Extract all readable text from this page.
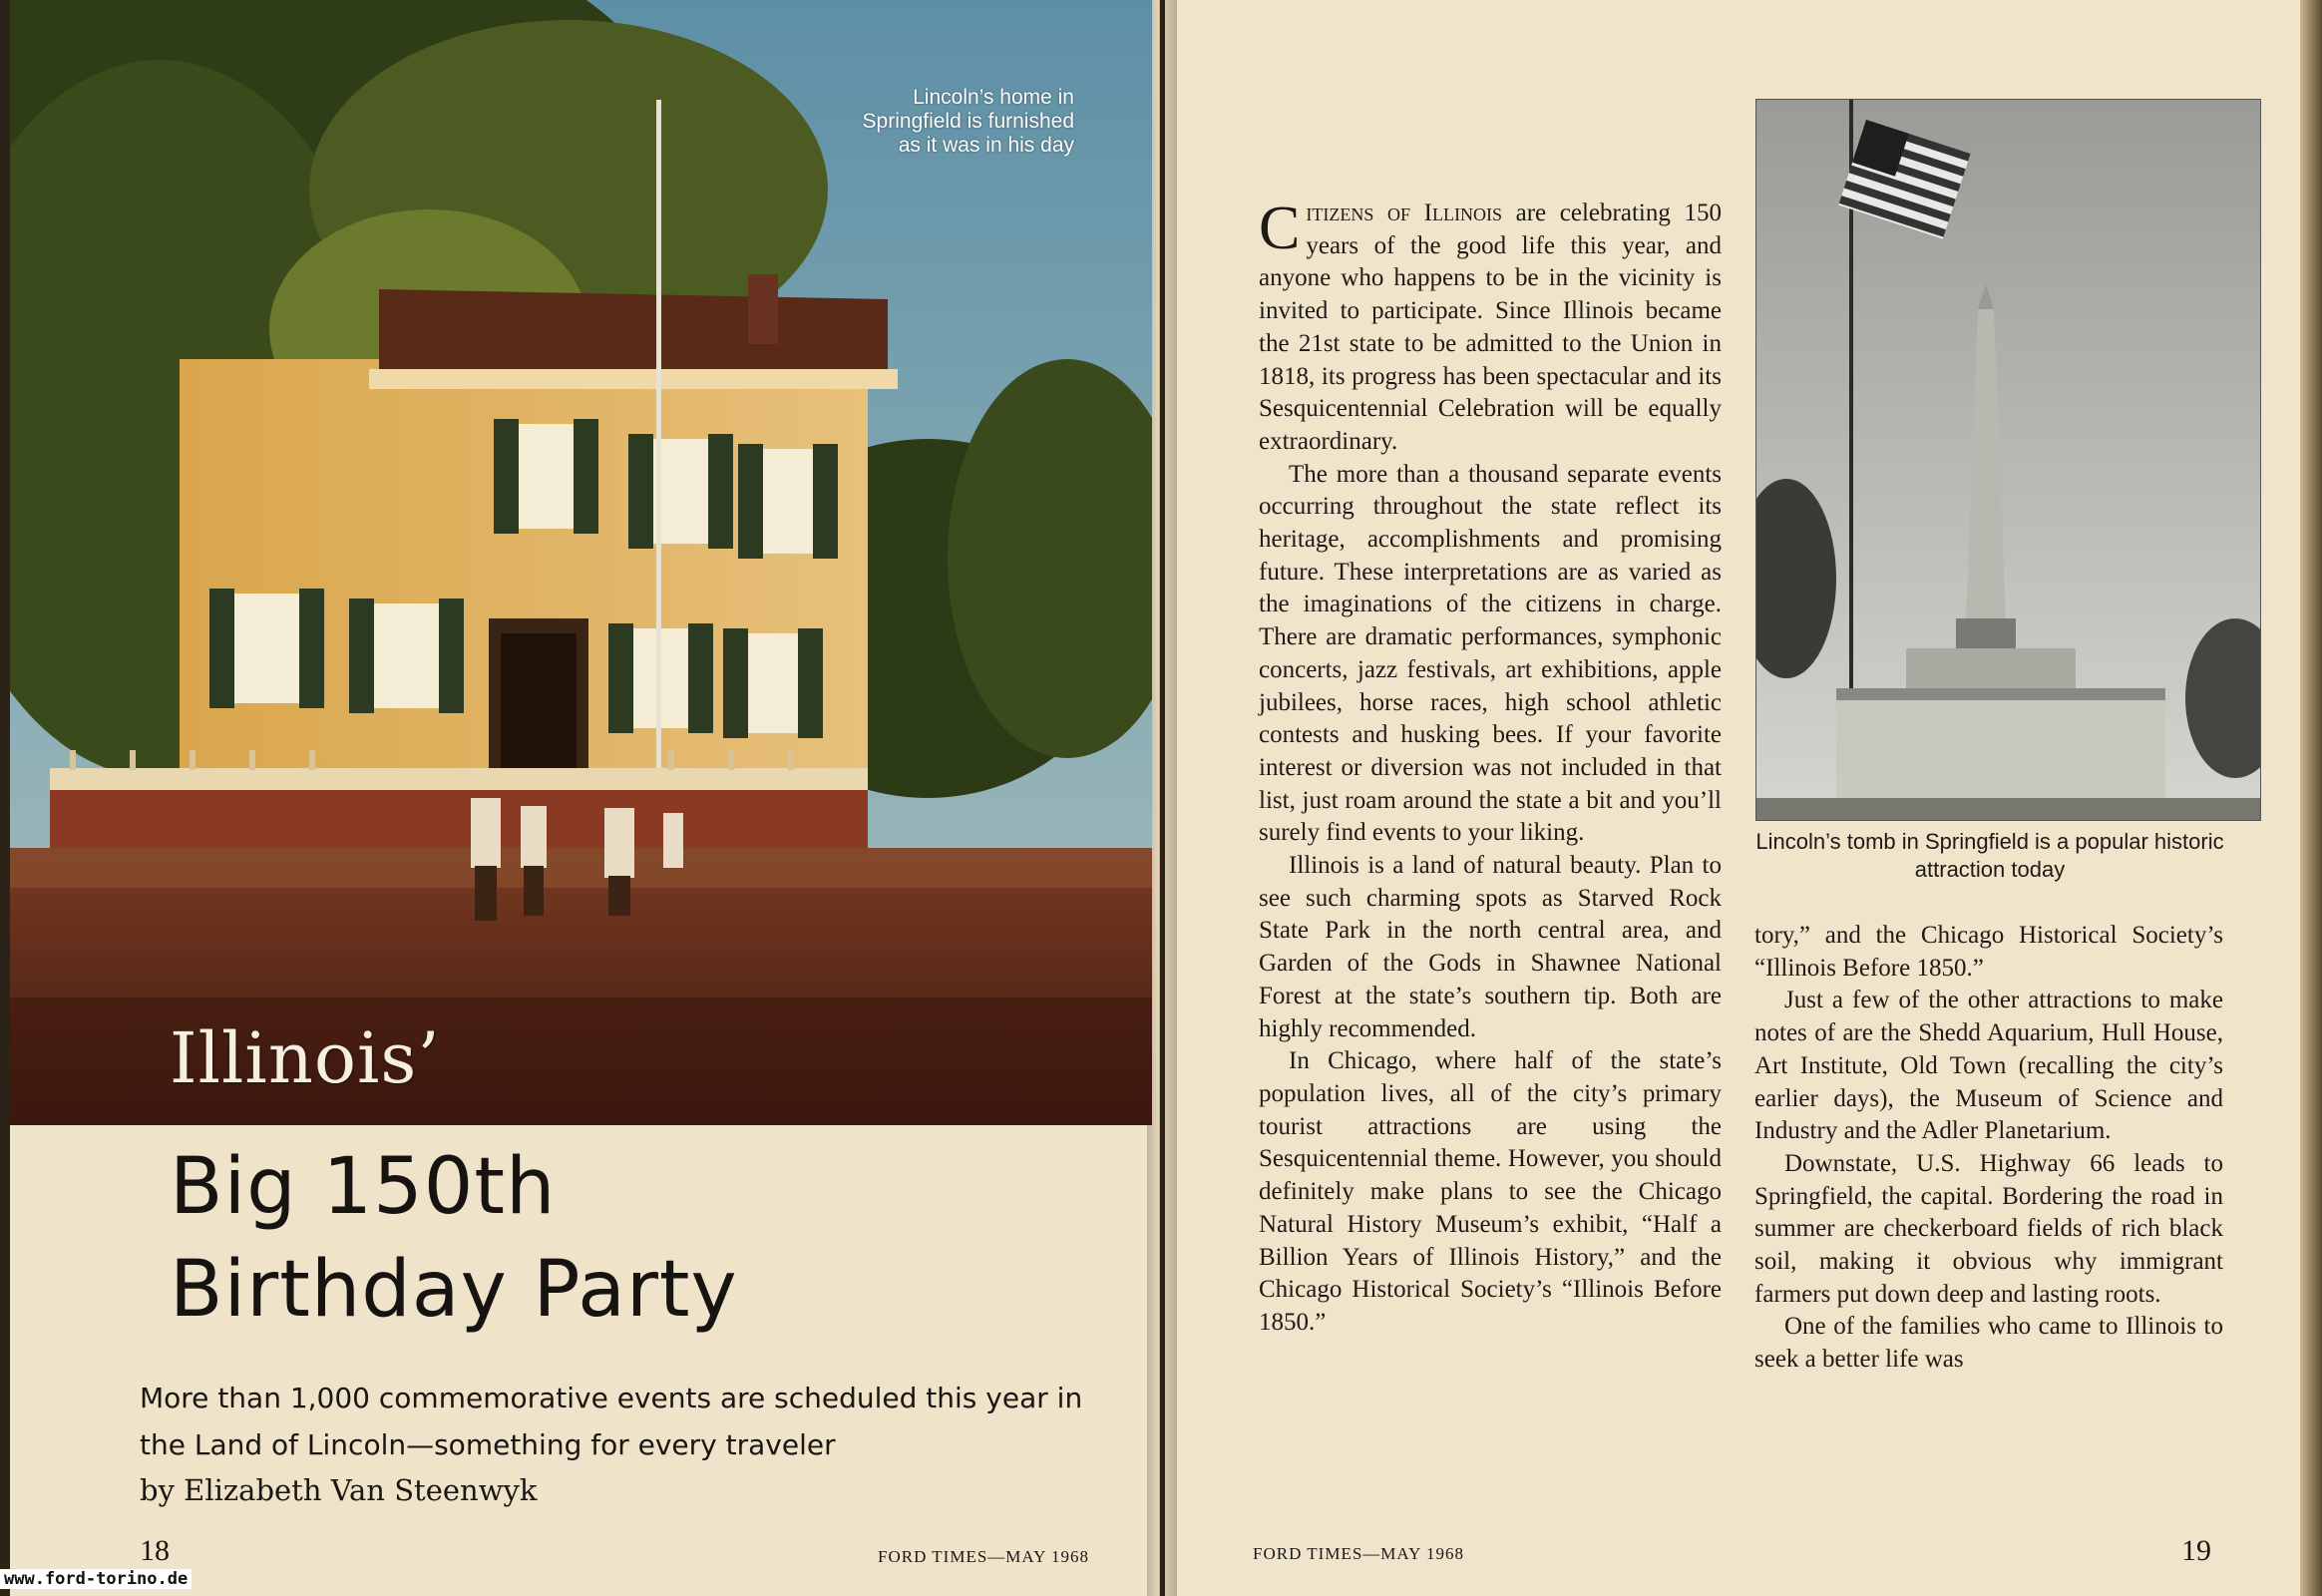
Lincoln’s home in Springfield is furnished as it was in his day
Illinois’
Big 150th
Birthday Party
More than 1,000 commemorative events are scheduled this year in the Land of Lincoln—something for every traveler
by Elizabeth Van Steenwyk
18	FORD TIMES—MAY 1968
www.ford-torino.de

Citizens of Illinois are celebrating 150 years of the good life this year, and anyone who happens to be in the vicinity is invited to participate. Since Illinois became the 21st state to be admitted to the Union in 1818, its progress has been spectacular and its Sesquicentennial Celebration will be equally extraordinary.

The more than a thousand separate events occurring throughout the state reflect its heritage, accomplishments and promising future. These interpretations are as varied as the imaginations of the citizens in charge. There are dramatic performances, symphonic concerts, jazz festivals, art exhibitions, apple jubilees, horse races, high school athletic contests and husking bees. If your favorite interest or diversion was not included in that list, just roam around the state a bit and you’ll surely find events to your liking.

Illinois is a land of natural beauty. Plan to see such charming spots as Starved Rock State Park in the north central area, and Garden of the Gods in Shawnee National Forest at the state’s southern tip. Both are highly recommended.

In Chicago, where half of the state’s population lives, all of the city’s primary tourist attractions are using the Sesquicentennial theme. However, you should definitely make plans to see the Chicago Natural History Museum’s exhibit, “Half a Billion Years of Illinois History,” and the Chicago Historical Society’s “Illinois Before 1850.”

Lincoln’s tomb in Springfield is a popular historic attraction today

tory,” and the Chicago Historical Society’s “Illinois Before 1850.”

Just a few of the other attractions to make notes of are the Shedd Aquarium, Hull House, Art Institute, Old Town (recalling the city’s earlier days), the Museum of Science and Industry and the Adler Planetarium.

Downstate, U.S. Highway 66 leads to Springfield, the capital. Bordering the road in summer are checkerboard fields of rich black soil, making it obvious why immigrant farmers put down deep and lasting roots.

One of the families who came to Illinois to seek a better life was

FORD TIMES—MAY 1968	19
